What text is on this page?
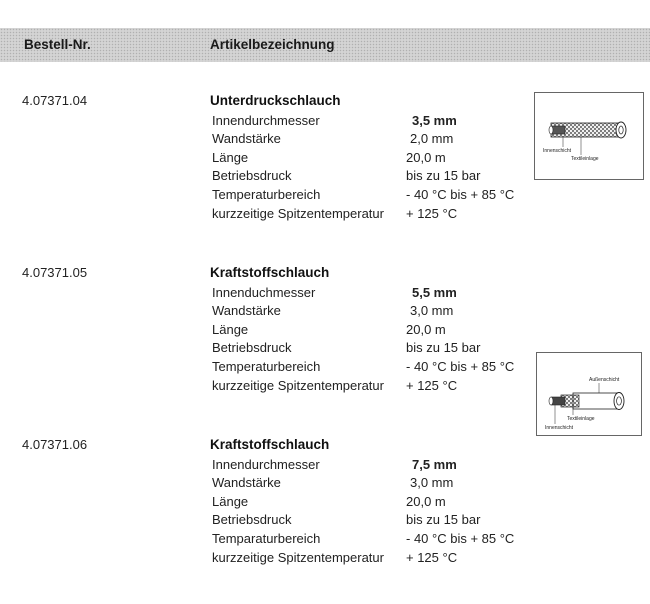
Bestell-Nr.	Artikelbezeichnung
4.07371.04	Unterdruckschlauch
Innendurchmesser	3,5 mm
Wandstärke	2,0 mm
Länge	20,0 m
Betriebsdruck	bis zu 15 bar
Temperaturbereich	- 40 °C bis + 85 °C
kurzzeitige Spitzentemperatur + 125 °C
4.07371.05	Kraftstoffschlauch
Innenduchmesser	5,5 mm
Wandstärke	3,0 mm
Länge	20,0 m
Betriebsdruck	bis zu 15 bar
Temperaturbereich	- 40 °C bis + 85 °C
kurzzeitige Spitzentemperatur + 125 °C
4.07371.06	Kraftstoffschlauch
Innendurchmesser	7,5 mm
Wandstärke	3,0 mm
Länge	20,0 m
Betriebsdruck	bis zu 15 bar
Temparaturbereich	- 40 °C bis + 85 °C
kurzzeitige Spitzentemperatur + 125 °C
Innenschicht
Textileinlage
Außenschicht
Textileinlage
Innenschicht
